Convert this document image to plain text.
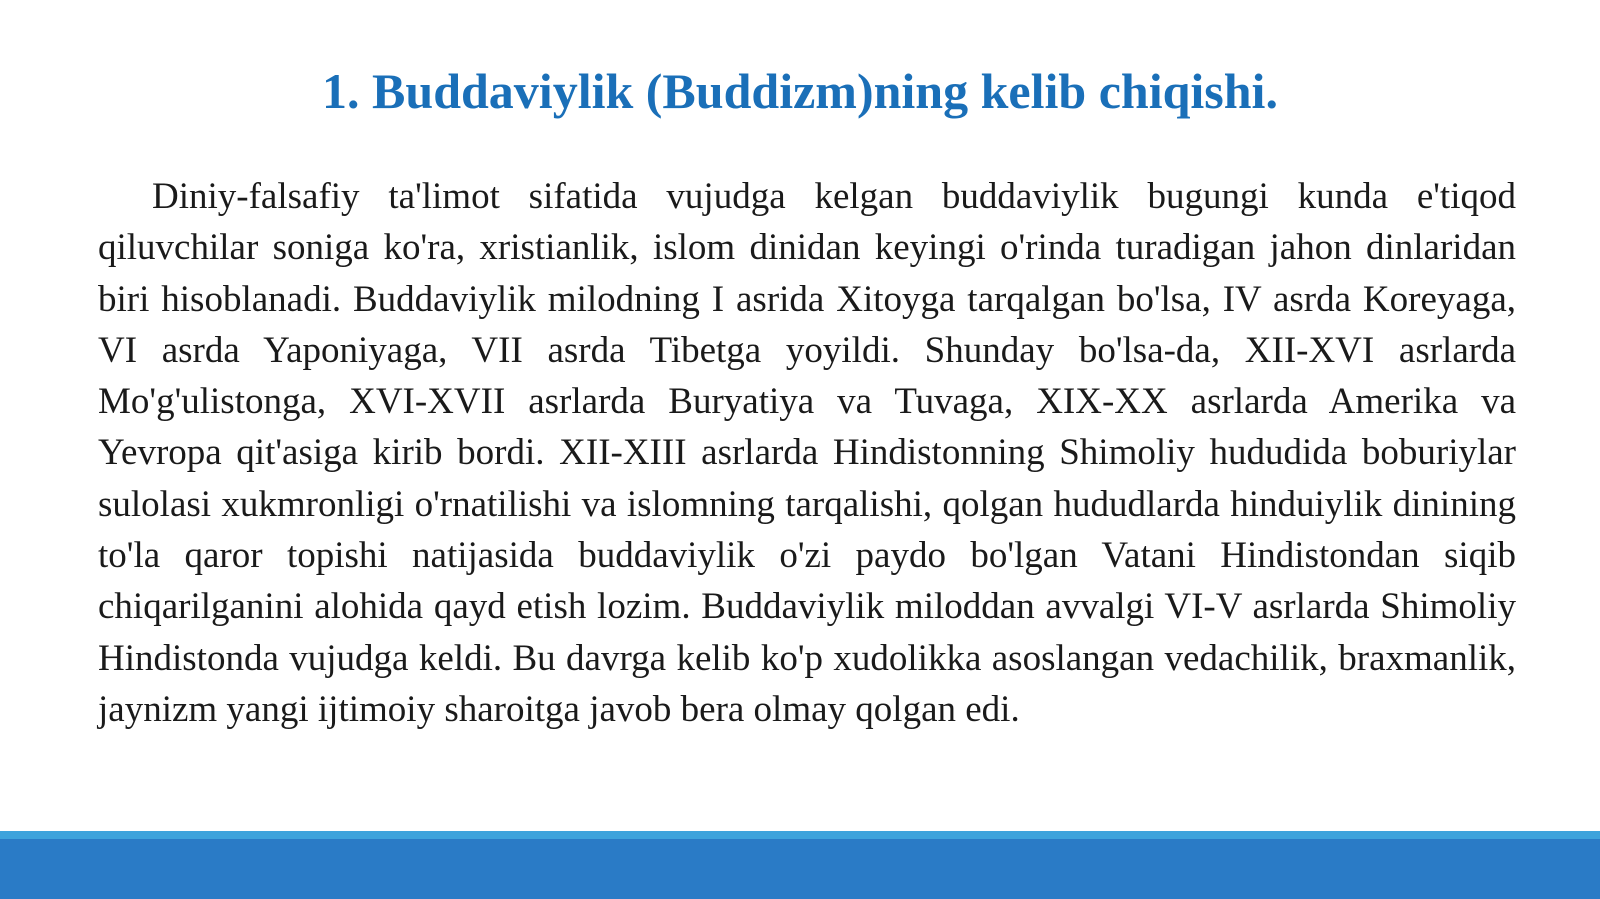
1. Buddaviylik (Buddizm)ning kelib chiqishi.

Diniy-falsafiy ta'limot sifatida vujudga kelgan buddaviylik bugungi kunda e'tiqod qiluvchilar soniga ko'ra, xristianlik, islom dinidan keyingi o'rinda turadigan jahon dinlaridan biri hisoblanadi. Buddaviylik milodning I asrida Xitoyga tarqalgan bo'lsa, IV asrda Koreyaga, VI asrda Yaponiyaga, VII asrda Tibetga yoyildi. Shunday bo'lsa-da, XII-XVI asrlarda Mo'g'ulistonga, XVI-XVII asrlarda Buryatiya va Tuvaga, XIX-XX asrlarda Amerika va Yevropa qit'asiga kirib bordi. XII-XIII asrlarda Hindistonning Shimoliy hududida boburiylar sulolasi xukmronligi o'rnatilishi va islomning tarqalishi, qolgan hududlarda hinduiylik dinining to'la qaror topishi natijasida buddaviylik o'zi paydo bo'lgan Vatani Hindistondan siqib chiqarilganini alohida qayd etish lozim. Buddaviylik miloddan avvalgi VI-V asrlarda Shimoliy Hindistonda vujudga keldi. Bu davrga kelib ko'p xudolikka asoslangan vedachilik, braxmanlik, jaynizm yangi ijtimoiy sharoitga javob bera olmay qolgan edi.
